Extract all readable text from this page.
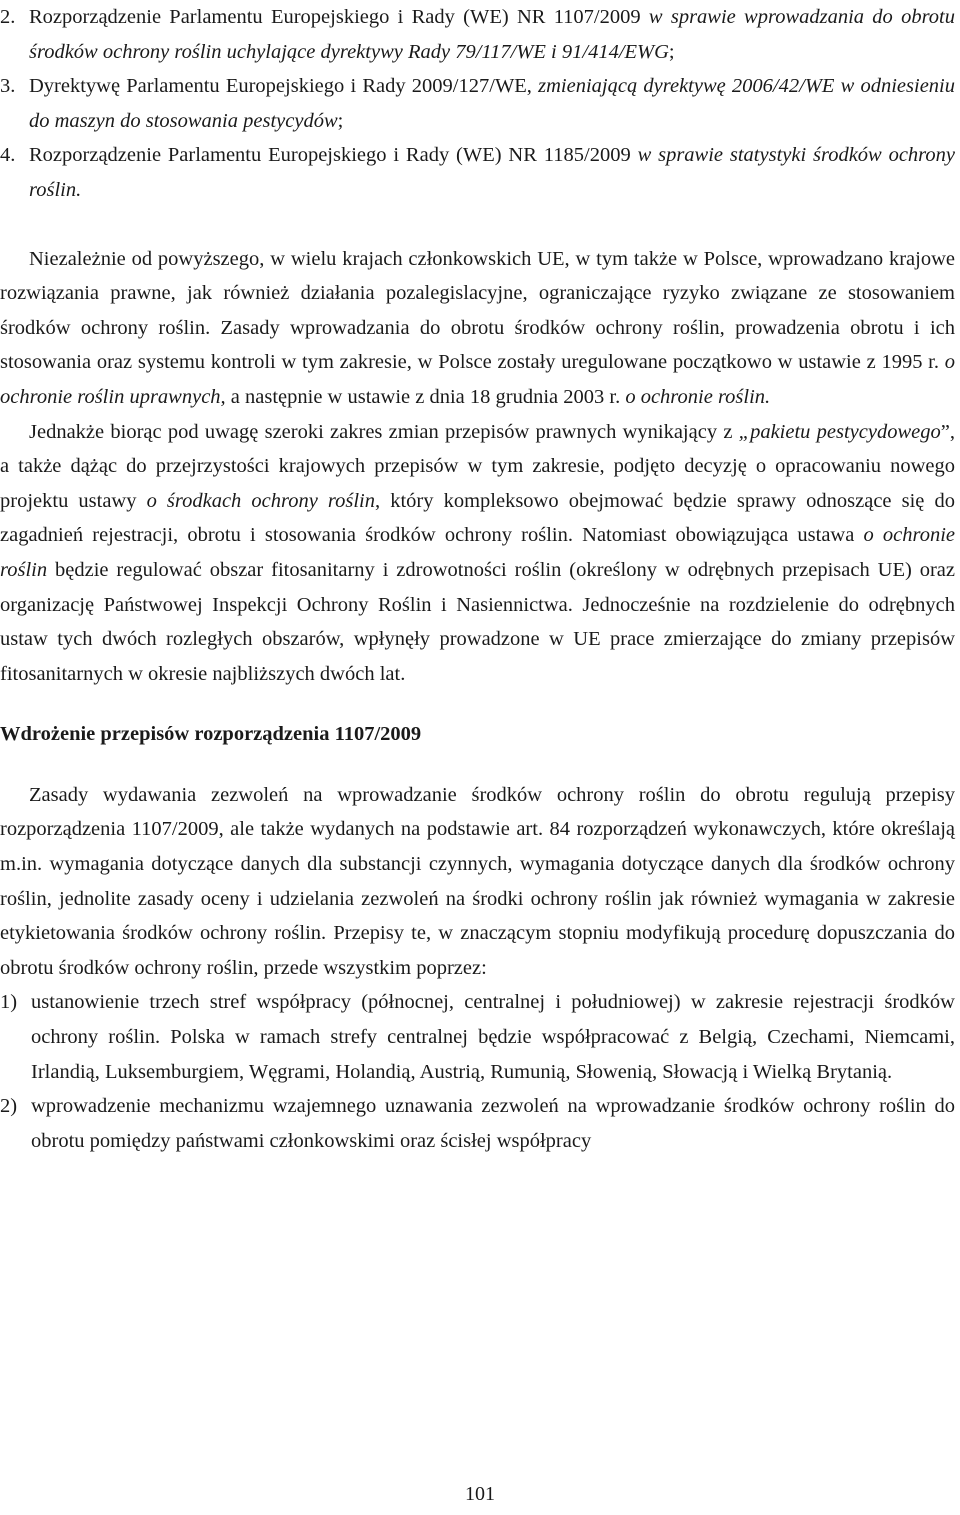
2. Rozporządzenie Parlamentu Europejskiego i Rady (WE) NR 1107/2009 w sprawie wprowadzania do obrotu środków ochrony roślin uchylające dyrektywy Rady 79/117/WE i 91/414/EWG;
3. Dyrektywę Parlamentu Europejskiego i Rady 2009/127/WE, zmieniającą dyrektywę 2006/42/WE w odniesieniu do maszyn do stosowania pestycydów;
4. Rozporządzenie Parlamentu Europejskiego i Rady (WE) NR 1185/2009 w sprawie statystyki środków ochrony roślin.

Niezależnie od powyższego, w wielu krajach członkowskich UE, w tym także w Polsce, wprowadzano krajowe rozwiązania prawne, jak również działania pozalegislacyjne, ograniczające ryzyko związane ze stosowaniem środków ochrony roślin. Zasady wprowadzania do obrotu środków ochrony roślin, prowadzenia obrotu i ich stosowania oraz systemu kontroli w tym zakresie, w Polsce zostały uregulowane początkowo w ustawie z 1995 r. o ochronie roślin uprawnych, a następnie w ustawie z dnia 18 grudnia 2003 r. o ochronie roślin.

Jednakże biorąc pod uwagę szeroki zakres zmian przepisów prawnych wynikający z „pakietu pestycydowego”, a także dążąc do przejrzystości krajowych przepisów w tym zakresie, podjęto decyzję o opracowaniu nowego projektu ustawy o środkach ochrony roślin, który kompleksowo obejmować będzie sprawy odnoszące się do zagadnień rejestracji, obrotu i stosowania środków ochrony roślin. Natomiast obowiązująca ustawa o ochronie roślin będzie regulować obszar fitosanitarny i zdrowotności roślin (określony w odrębnych przepisach UE) oraz organizację Państwowej Inspekcji Ochrony Roślin i Nasiennictwa. Jednocześnie na rozdzielenie do odrębnych ustaw tych dwóch rozległych obszarów, wpłynęły prowadzone w UE prace zmierzające do zmiany przepisów fitosanitarnych w okresie najbliższych dwóch lat.

Wdrożenie przepisów rozporządzenia 1107/2009

Zasady wydawania zezwoleń na wprowadzanie środków ochrony roślin do obrotu regulują przepisy rozporządzenia 1107/2009, ale także wydanych na podstawie art. 84 rozporządzeń wykonawczych, które określają m.in. wymagania dotyczące danych dla substancji czynnych, wymagania dotyczące danych dla środków ochrony roślin, jednolite zasady oceny i udzielania zezwoleń na środki ochrony roślin jak również wymagania w zakresie etykietowania środków ochrony roślin. Przepisy te, w znaczącym stopniu modyfikują procedurę dopuszczania do obrotu środków ochrony roślin, przede wszystkim poprzez:

1) ustanowienie trzech stref współpracy (północnej, centralnej i południowej) w zakresie rejestracji środków ochrony roślin. Polska w ramach strefy centralnej będzie współpracować z Belgią, Czechami, Niemcami, Irlandią, Luksemburgiem, Węgrami, Holandią, Austrią, Rumunią, Słowenią, Słowacją i Wielką Brytanią.
2) wprowadzenie mechanizmu wzajemnego uznawania zezwoleń na wprowadzanie środków ochrony roślin do obrotu pomiędzy państwami członkowskimi oraz ścisłej współpracy
101
